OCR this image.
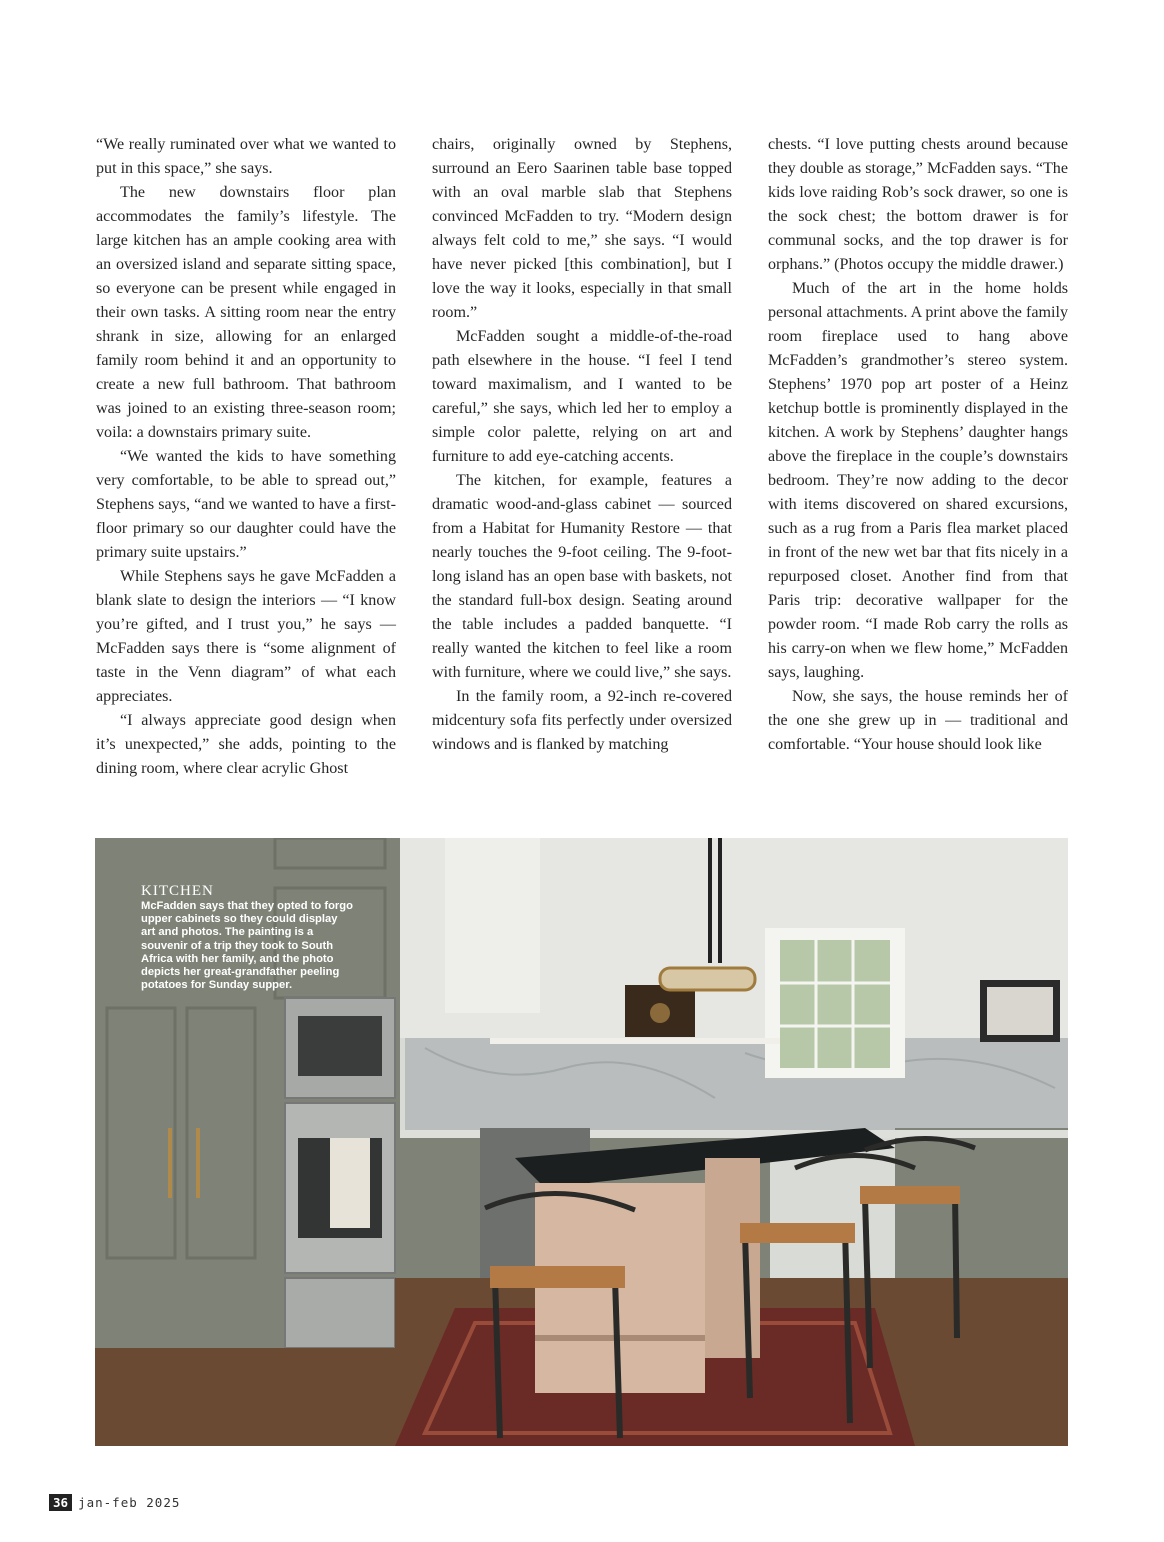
“We really ruminated over what we wanted to put in this space,” she says.

The new downstairs floor plan accommodates the family’s lifestyle. The large kitchen has an ample cooking area with an oversized island and separate sitting space, so everyone can be present while engaged in their own tasks. A sitting room near the entry shrank in size, allowing for an enlarged family room behind it and an opportunity to create a new full bathroom. That bathroom was joined to an existing three-season room; voila: a downstairs primary suite.

“We wanted the kids to have something very comfortable, to be able to spread out,” Stephens says, “and we wanted to have a first-floor primary so our daughter could have the primary suite upstairs.”

While Stephens says he gave McFadden a blank slate to design the interiors — “I know you’re gifted, and I trust you,” he says — McFadden says there is “some alignment of taste in the Venn diagram” of what each appreciates.

“I always appreciate good design when it’s unexpected,” she adds, pointing to the dining room, where clear acrylic Ghost

chairs, originally owned by Stephens, surround an Eero Saarinen table base topped with an oval marble slab that Stephens convinced McFadden to try. “Modern design always felt cold to me,” she says. “I would have never picked [this combination], but I love the way it looks, especially in that small room.”

McFadden sought a middle-of-the-road path elsewhere in the house. “I feel I tend toward maximalism, and I wanted to be careful,” she says, which led her to employ a simple color palette, relying on art and furniture to add eye-catching accents.

The kitchen, for example, features a dramatic wood-and-glass cabinet — sourced from a Habitat for Humanity Restore — that nearly touches the 9-foot ceiling. The 9-foot-long island has an open base with baskets, not the standard full-box design. Seating around the table includes a padded banquette. “I really wanted the kitchen to feel like a room with furniture, where we could live,” she says.

In the family room, a 92-inch re-covered midcentury sofa fits perfectly under oversized windows and is flanked by matching

chests. “I love putting chests around because they double as storage,” McFadden says. “The kids love raiding Rob’s sock drawer, so one is the sock chest; the bottom drawer is for communal socks, and the top drawer is for orphans.” (Photos occupy the middle drawer.)

Much of the art in the home holds personal attachments. A print above the family room fireplace used to hang above McFadden’s grandmother’s stereo system. Stephens’ 1970 pop art poster of a Heinz ketchup bottle is prominently displayed in the kitchen. A work by Stephens’ daughter hangs above the fireplace in the couple’s downstairs bedroom. They’re now adding to the decor with items discovered on shared excursions, such as a rug from a Paris flea market placed in front of the new wet bar that fits nicely in a repurposed closet. Another find from that Paris trip: decorative wallpaper for the powder room. “I made Rob carry the rolls as his carry-on when we flew home,” McFadden says, laughing.

Now, she says, the house reminds her of the one she grew up in — traditional and comfortable. “Your house should look like

KITCHEN
McFadden says that they opted to forgo upper cabinets so they could display art and photos. The painting is a souvenir of a trip they took to South Africa with her family, and the photo depicts her great-grandfather peeling potatoes for Sunday supper.
36 jan-feb 2025
